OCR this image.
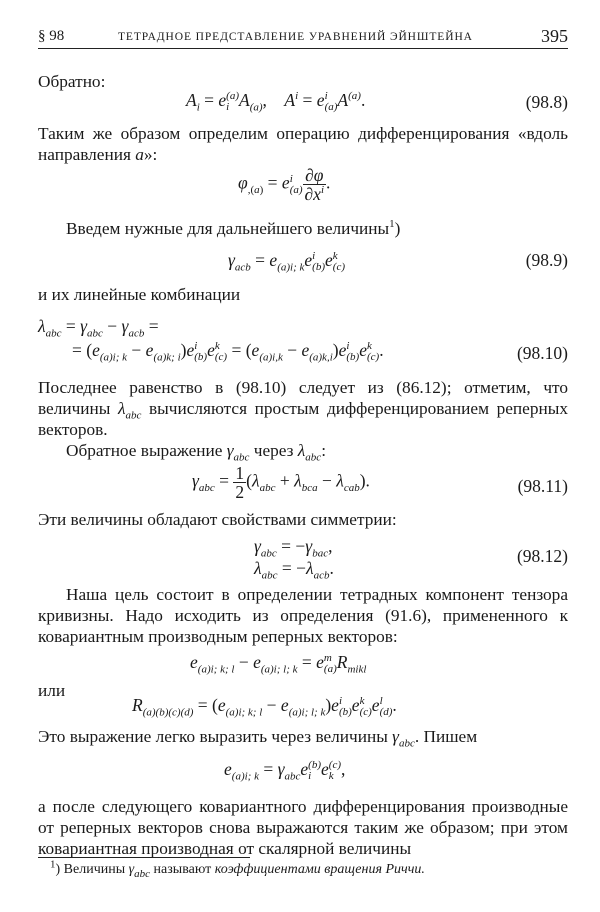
§ 98	ТЕТРАДНОЕ ПРЕДСТАВЛЕНИЕ УРАВНЕНИЙ ЭЙНШТЕЙНА	395
Обратно:
$A_i = e$ (a)
i $A_{(a)}$,    $A^i = e$ i
(a) $A^{(a)}$.	(98.8)
Таким же образом определим операцию дифференцирования «вдоль направления a»:
$\varphi_{,(a)} = e$ i
$(a) \frac{\partial\varphi}{\partial x^i}$ .
Введем нужные для дальнейшего величины$^1$)
$\gamma_{acb} = e_{(a)i; k}e$ i
(b) e k
(c)	(98.9)
и их линейные комбинации
$\lambda_{abc} = \gamma_{abc} - \gamma_{acb}$ =
= $(e_{(a)i; k} - e_{(a)k; i})e$ i
(b) e k
$(c) = (e_{(a)i,k} - e_{(a)k,i})e$ i
(b) e k
(c) .	(98.10)
Последнее равенство в (98.10) следует из (86.12); отметим, что величины $\lambda_{abc}$ вычисляются простым дифференцированием реперных векторов.
Обратное выражение $\gamma_{abc}$ через $\lambda_{abc}$:
$\gamma_{abc} = \frac{1}{2} (\lambda_{abc} + \lambda_{bca} - \lambda_{cab})$.	(98.11)
Эти величины обладают свойствами симметрии:
$\gamma_{abc} = -\gamma_{bac}$,
$\lambda_{abc} = -\lambda_{acb}$.
(98.12)
Наша цель состоит в определении тетрадных компонент тензора кривизны. Надо исходить из определения (91.6), примененного к ковариантным производным реперных векторов:
$e_{(a)i; k; l} - e_{(a)i; l; k} = e$ m
(a) $R_{mikl}$
или
$R_{(a)(b)(c)(d)} = (e_{(a)i; k; l} - e_{(a)i; l; k})e$ i
(b) e k
(c) e l
(d) .
Это выражение легко выразить через величины $\gamma_{abc}$. Пишем
$e_{(a)i; k} = \gamma_{abc}e$ (b)
i e (c)
k ,
а после следующего ковариантного дифференцирования производные от реперных векторов снова выражаются таким же образом; при этом ковариантная производная от скалярной величины
$^1$) Величины $\gamma_{abc}$ называют коэффициентами вращения Риччи.
